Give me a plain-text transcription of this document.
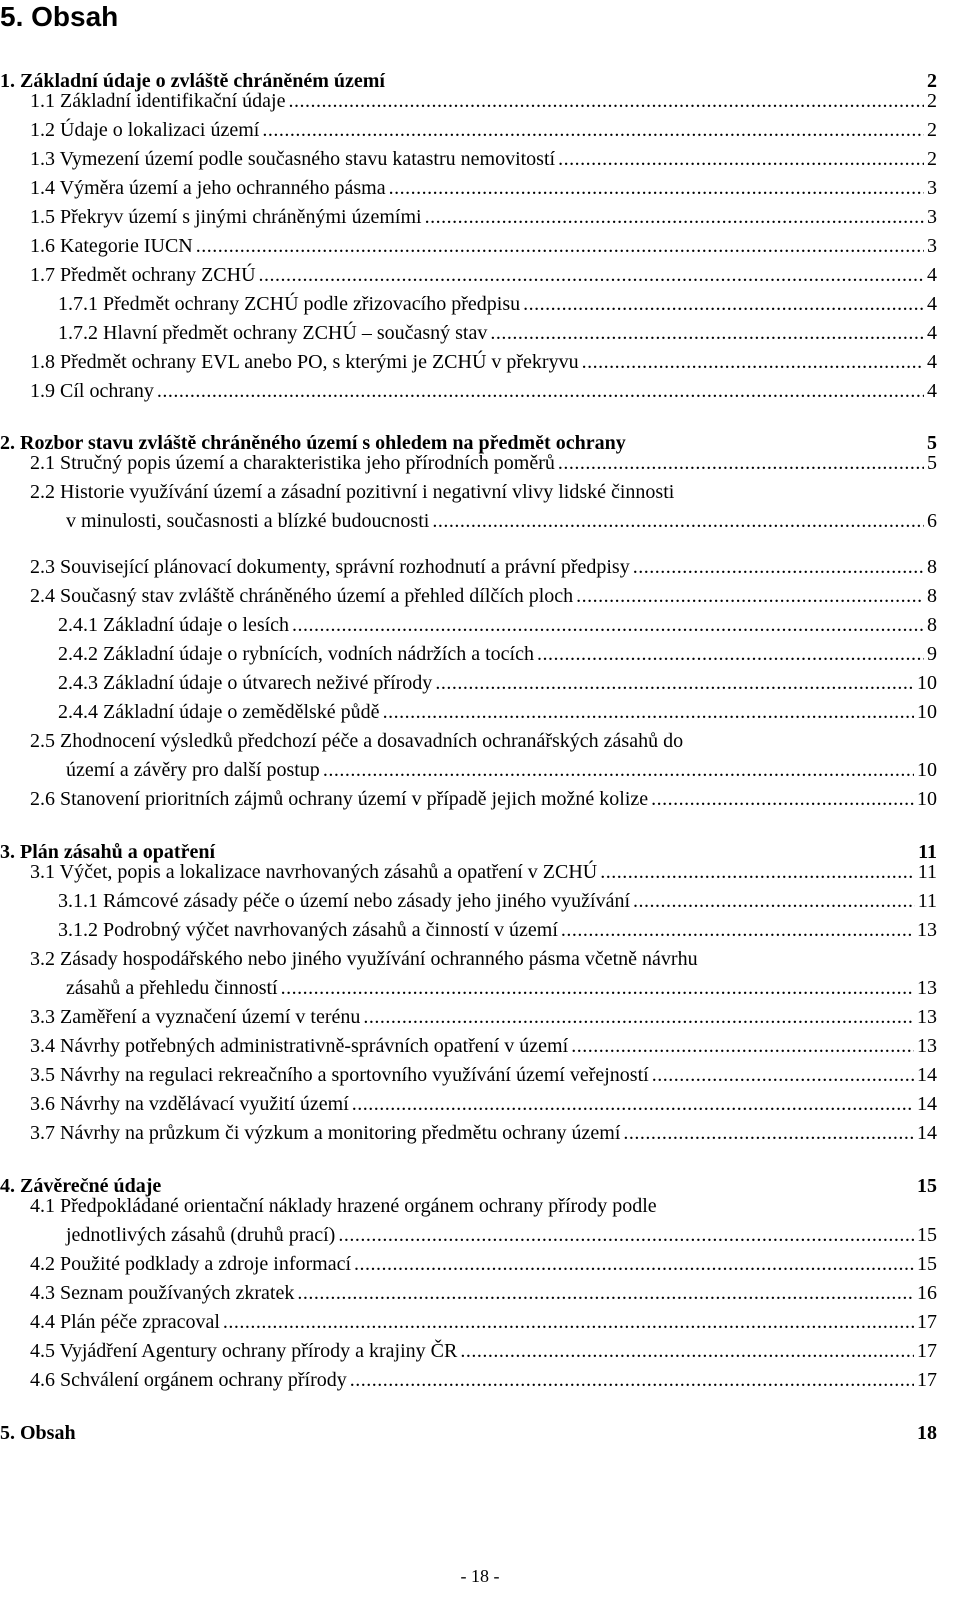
5. Obsah
1. Základní údaje o zvláště chráněném území	2
1.1 Základní identifikační údaje .....	2
1.2 Údaje o lokalizaci území .....	2
1.3 Vymezení území podle současného stavu katastru nemovitostí .....	2
1.4 Výměra území a jeho ochranného pásma .....	3
1.5 Překryv území s jinými chráněnými územími .....	3
1.6 Kategorie IUCN .....	3
1.7 Předmět ochrany ZCHÚ .....	4
1.7.1 Předmět ochrany ZCHÚ podle zřizovacího předpisu .....	4
1.7.2 Hlavní předmět ochrany ZCHÚ – současný stav .....	4
1.8 Předmět ochrany EVL anebo PO, s kterými je ZCHÚ v překryvu .....	4
1.9 Cíl ochrany .....	4
2. Rozbor stavu zvláště chráněného území s ohledem na předmět ochrany	5
2.1 Stručný popis území a charakteristika jeho přírodních poměrů .....	5
2.2 Historie využívání území a zásadní pozitivní i negativní vlivy lidské činnosti
v minulosti, současnosti a blízké budoucnosti .....	6
2.3 Související plánovací dokumenty, správní rozhodnutí a právní předpisy .....	8
2.4 Současný stav zvláště chráněného území a přehled dílčích ploch .....	8
2.4.1 Základní údaje o lesích .....	8
2.4.2 Základní údaje o rybnících, vodních nádržích a tocích .....	9
2.4.3 Základní údaje o útvarech neživé přírody .....	10
2.4.4 Základní údaje o zemědělské půdě .....	10
2.5 Zhodnocení výsledků předchozí péče a dosavadních ochranářských zásahů do
území a závěry pro další postup .....	10
2.6 Stanovení prioritních zájmů ochrany území v případě jejich možné kolize .....	10
3. Plán zásahů a opatření	11
3.1 Výčet, popis a lokalizace navrhovaných zásahů a opatření v ZCHÚ .....	11
3.1.1 Rámcové zásady péče o území nebo zásady jeho jiného využívání .....	11
3.1.2 Podrobný výčet navrhovaných zásahů a činností v území .....	13
3.2 Zásady hospodářského nebo jiného využívání ochranného pásma včetně návrhu
zásahů a přehledu činností .....	13
3.3 Zaměření a vyznačení území v terénu .....	13
3.4 Návrhy potřebných administrativně-správních opatření v území .....	13
3.5 Návrhy na regulaci rekreačního a sportovního využívání území veřejností .....	14
3.6 Návrhy na vzdělávací využití území .....	14
3.7 Návrhy na průzkum či výzkum a monitoring předmětu ochrany území .....	14
4. Závěrečné údaje	15
4.1 Předpokládané orientační náklady hrazené orgánem ochrany přírody podle
jednotlivých zásahů (druhů prací) .....	15
4.2 Použité podklady a zdroje informací .....	15
4.3 Seznam používaných zkratek .....	16
4.4 Plán péče zpracoval .....	17
4.5 Vyjádření Agentury ochrany přírody a krajiny ČR .....	17
4.6 Schválení orgánem ochrany přírody .....	17
5. Obsah	18
- 18 -
